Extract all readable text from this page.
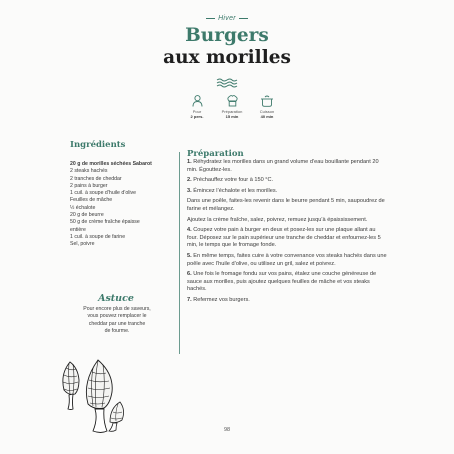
Hiver
Burgers
aux morilles
Pour
2 pers.
Préparation
15 min
Cuisson
40 min
Ingrédients
20 g de morilles séchées Sabarot
2 steaks hachés
2 tranches de cheddar
2 pains à burger
1 cuil. à soupe d’huile d’olive
Feuilles de mâche
½ échalote
20 g de beurre
50 g de crème fraîche épaisse
entière
1 cuil. à soupe de farine
Sel, poivre
Astuce
Pour encore plus de saveurs,
vous pouvez remplacer le
cheddar par une tranche
de fourme.
Préparation

1. Réhydratez les morilles dans un grand volume d’eau bouillante pendant 20 min. Égouttez-les.

2. Préchauffez votre four à 150 °C.

3. Émincez l’échalote et les morilles.

Dans une poêle, faites-les revenir dans le beurre pendant 5 min, saupoudrez de farine et mélangez.

Ajoutez la crème fraîche, salez, poivrez, remuez jusqu’à épaississement.

4. Coupez votre pain à burger en deux et posez-les sur une plaque allant au four. Déposez sur le pain supérieur une tranche de cheddar et enfournez-les 5 min, le temps que le fromage fonde.

5. En même temps, faites cuire à votre convenance vos steaks hachés dans une poêle avec l’huile d’olive, ou utilisez un gril, salez et poivrez.

6. Une fois le fromage fondu sur vos pains, étalez une couche généreuse de sauce aux morilles, puis ajoutez quelques feuilles de mâche et vos steaks hachés.

7. Refermez vos burgers.

98
